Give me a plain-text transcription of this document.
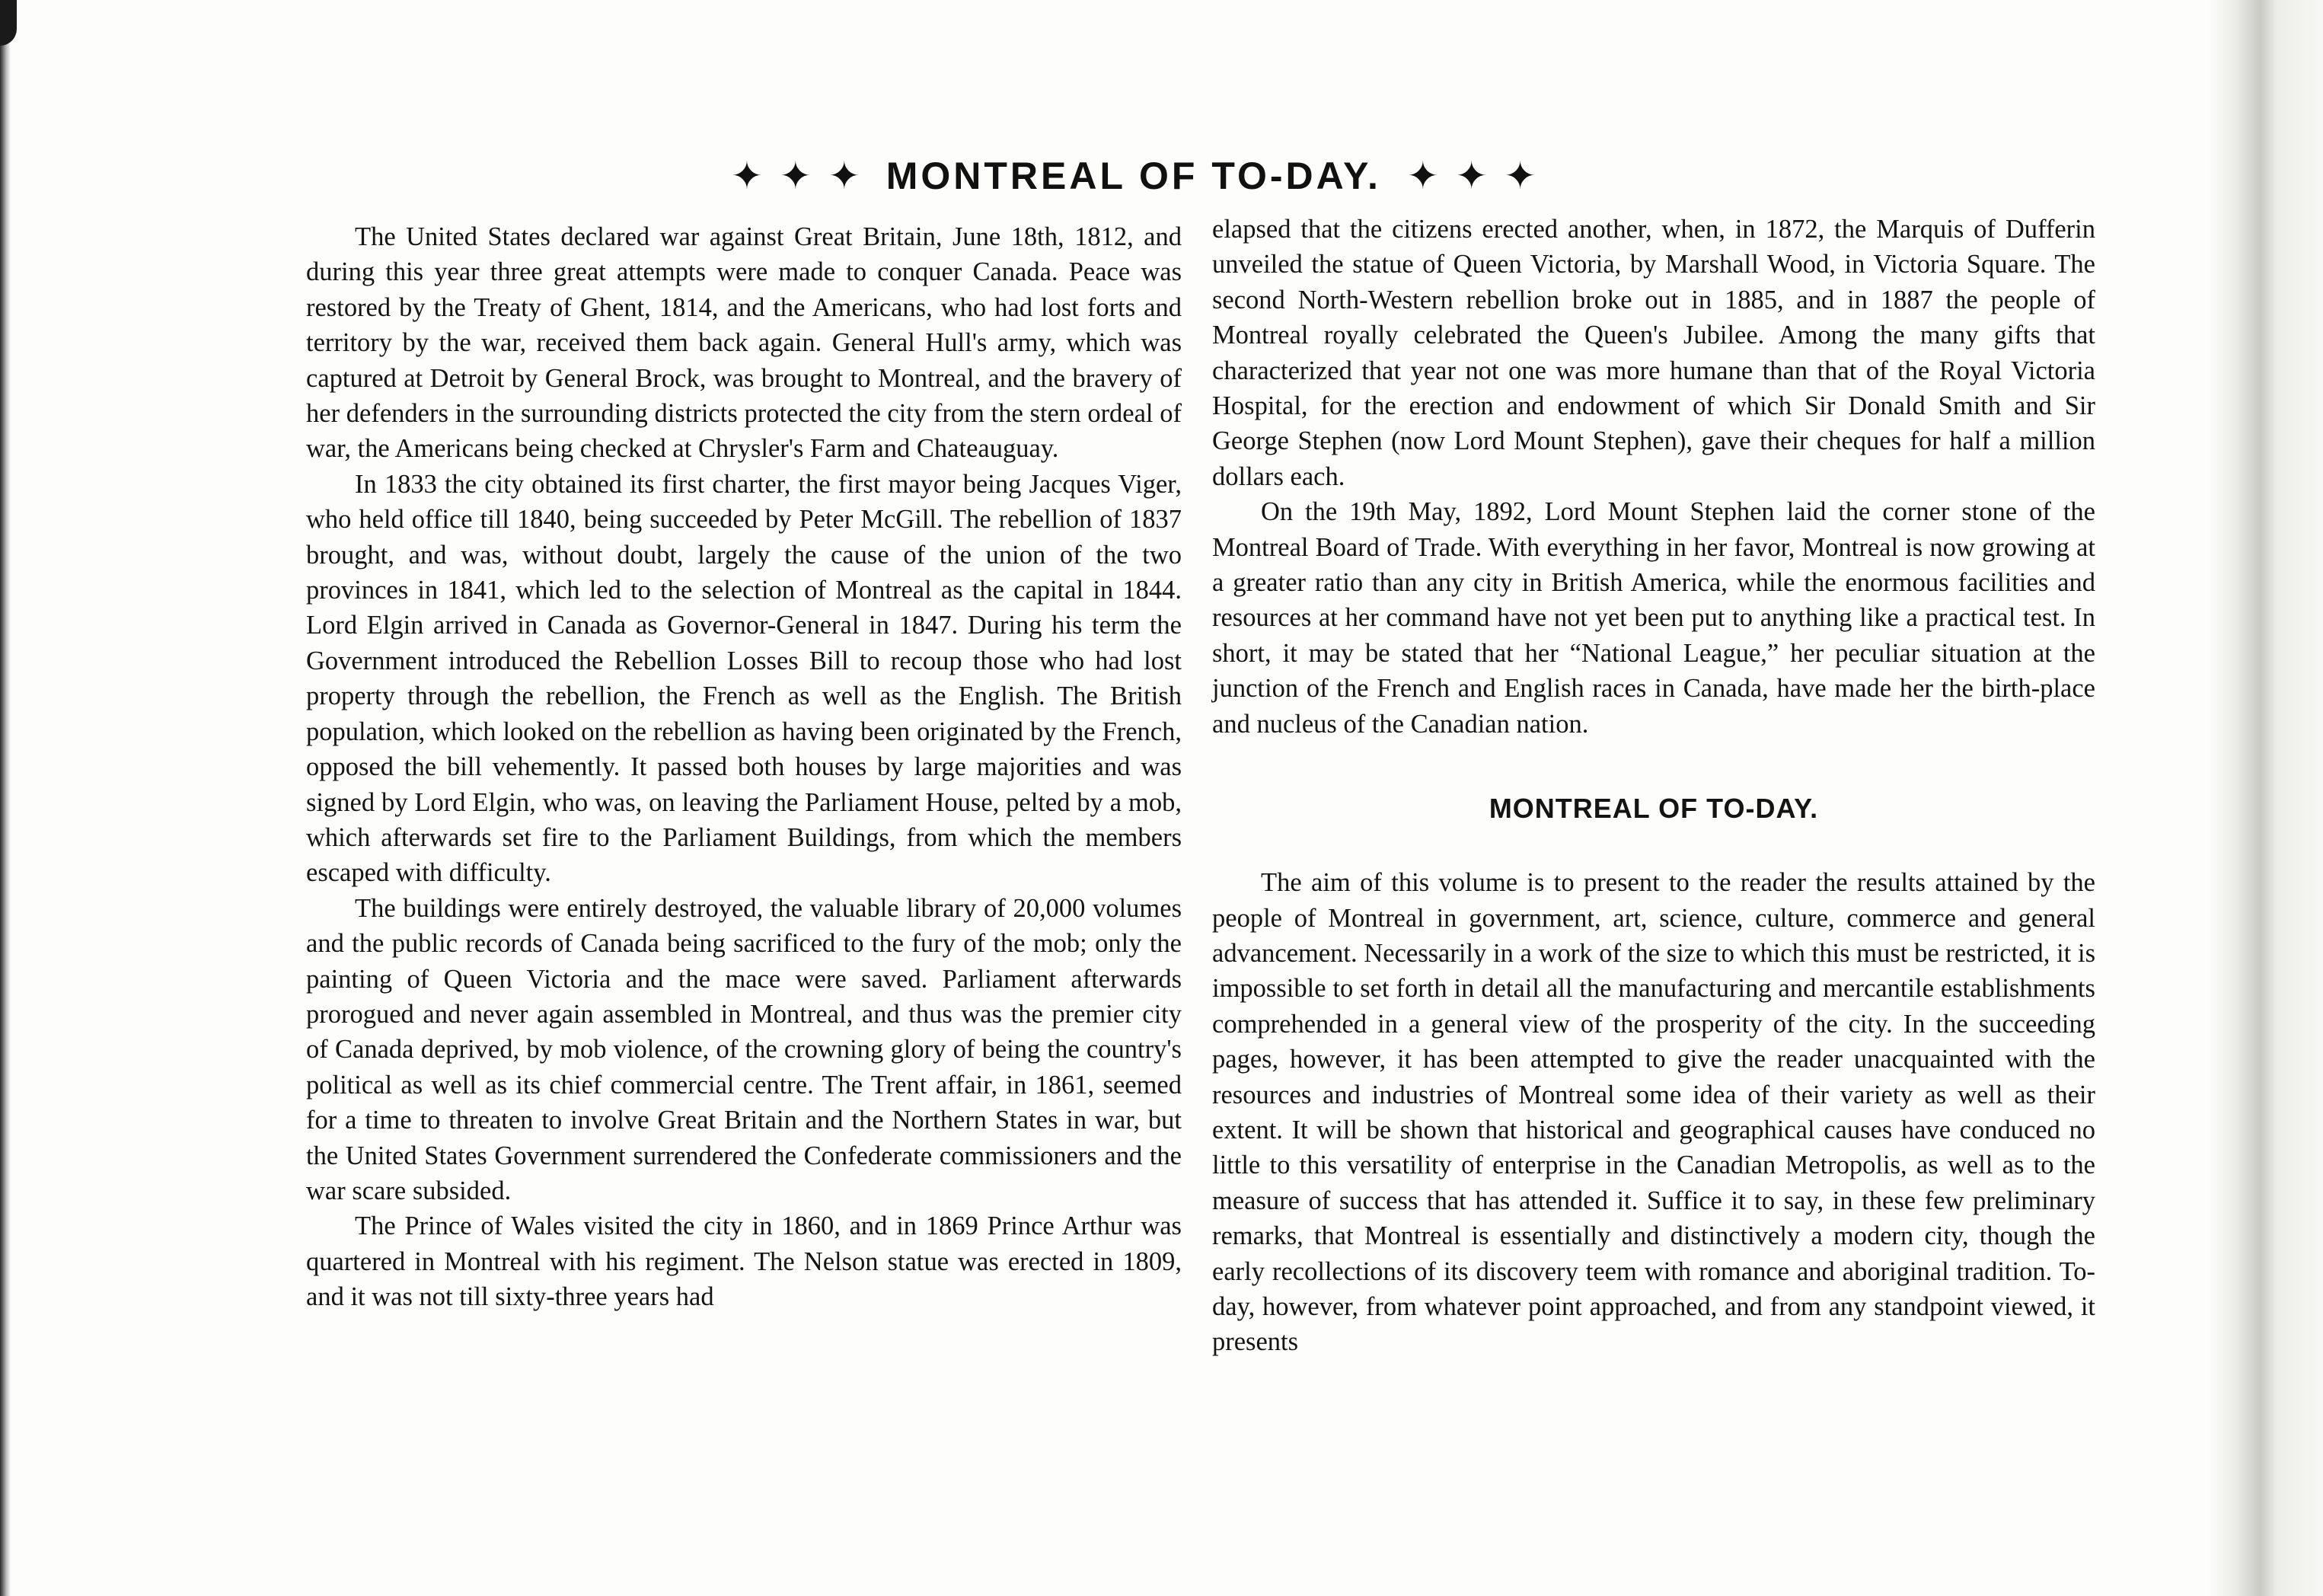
✦ ✦ ✦ MONTREAL OF TO-DAY. ✦ ✦ ✦

The United States declared war against Great Britain, June 18th, 1812, and during this year three great attempts were made to conquer Canada. Peace was restored by the Treaty of Ghent, 1814, and the Americans, who had lost forts and territory by the war, received them back again. General Hull's army, which was captured at Detroit by General Brock, was brought to Montreal, and the bravery of her defenders in the surrounding districts protected the city from the stern ordeal of war, the Americans being checked at Chrysler's Farm and Chateauguay.

In 1833 the city obtained its first charter, the first mayor being Jacques Viger, who held office till 1840, being succeeded by Peter McGill. The rebellion of 1837 brought, and was, without doubt, largely the cause of the union of the two provinces in 1841, which led to the selection of Montreal as the capital in 1844. Lord Elgin arrived in Canada as Governor-General in 1847. During his term the Government introduced the Rebellion Losses Bill to recoup those who had lost property through the rebellion, the French as well as the English. The British population, which looked on the rebellion as having been originated by the French, opposed the bill vehemently. It passed both houses by large majorities and was signed by Lord Elgin, who was, on leaving the Parliament House, pelted by a mob, which afterwards set fire to the Parliament Buildings, from which the members escaped with difficulty.

The buildings were entirely destroyed, the valuable library of 20,000 volumes and the public records of Canada being sacrificed to the fury of the mob; only the painting of Queen Victoria and the mace were saved. Parliament afterwards prorogued and never again assembled in Montreal, and thus was the premier city of Canada deprived, by mob violence, of the crowning glory of being the country's political as well as its chief commercial centre. The Trent affair, in 1861, seemed for a time to threaten to involve Great Britain and the Northern States in war, but the United States Government surrendered the Confederate commissioners and the war scare subsided.

The Prince of Wales visited the city in 1860, and in 1869 Prince Arthur was quartered in Montreal with his regiment. The Nelson statue was erected in 1809, and it was not till sixty-three years had

elapsed that the citizens erected another, when, in 1872, the Marquis of Dufferin unveiled the statue of Queen Victoria, by Marshall Wood, in Victoria Square. The second North-Western rebellion broke out in 1885, and in 1887 the people of Montreal royally celebrated the Queen's Jubilee. Among the many gifts that characterized that year not one was more humane than that of the Royal Victoria Hospital, for the erection and endowment of which Sir Donald Smith and Sir George Stephen (now Lord Mount Stephen), gave their cheques for half a million dollars each.

On the 19th May, 1892, Lord Mount Stephen laid the corner stone of the Montreal Board of Trade. With everything in her favor, Montreal is now growing at a greater ratio than any city in British America, while the enormous facilities and resources at her command have not yet been put to anything like a practical test. In short, it may be stated that her “National League,” her peculiar situation at the junction of the French and English races in Canada, have made her the birth-place and nucleus of the Canadian nation.

MONTREAL OF TO-DAY.

The aim of this volume is to present to the reader the results attained by the people of Montreal in government, art, science, culture, commerce and general advancement. Necessarily in a work of the size to which this must be restricted, it is impossible to set forth in detail all the manufacturing and mercantile establishments comprehended in a general view of the prosperity of the city. In the succeeding pages, however, it has been attempted to give the reader unacquainted with the resources and industries of Montreal some idea of their variety as well as their extent. It will be shown that historical and geographical causes have conduced no little to this versatility of enterprise in the Canadian Metropolis, as well as to the measure of success that has attended it. Suffice it to say, in these few preliminary remarks, that Montreal is essentially and distinctively a modern city, though the early recollections of its discovery teem with romance and aboriginal tradition. To-day, however, from whatever point approached, and from any standpoint viewed, it presents
